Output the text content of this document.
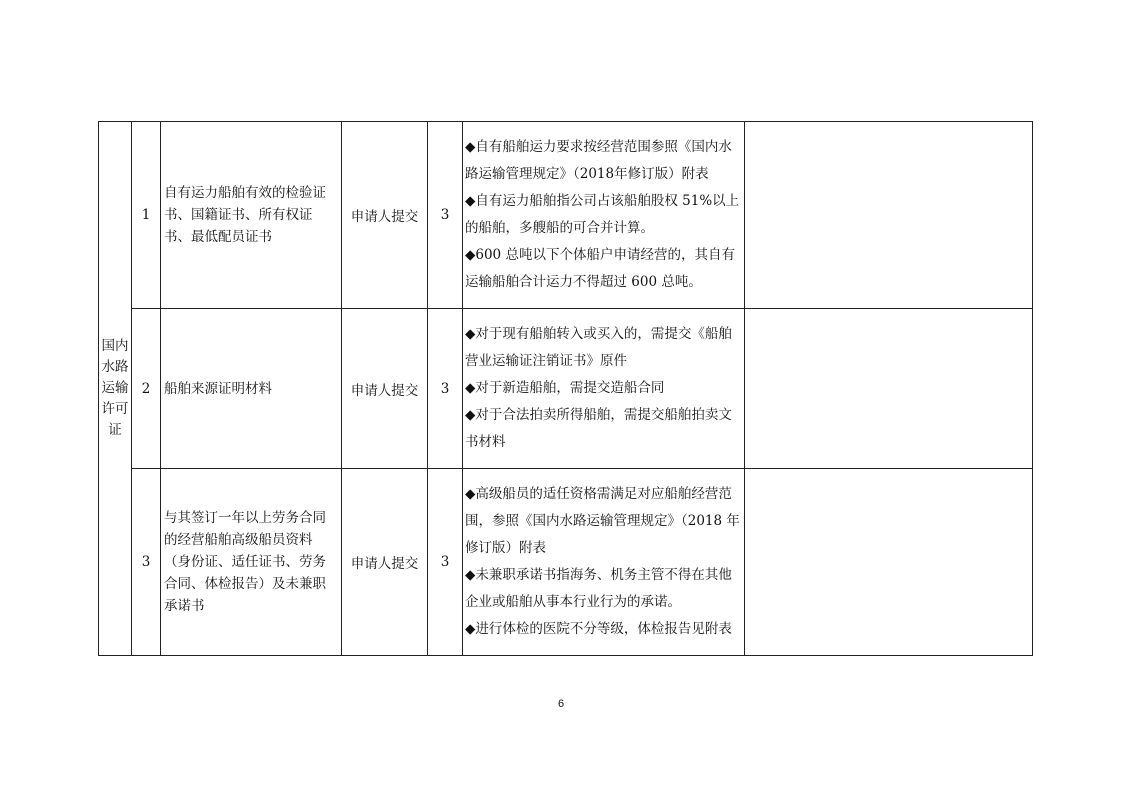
国内水路运输许可证	1	自有运力船舶有效的检验证书、国籍证书、所有权证书、最低配员证书	申请人提交	3	◆自有船舶运力要求按经营范围参照《国内水路运输管理规定》（2018年修订版）附表
◆自有运力船舶指公司占该船舶股权 51%以上的船舶，多艘船的可合并计算。
◆600 总吨以下个体船户申请经营的，其自有运输船舶合计运力不得超过 600 总吨。	

	2	船舶来源证明材料	申请人提交	3	◆对于现有船舶转入或买入的，需提交《船舶营业运输证注销证书》原件
◆对于新造船舶，需提交造船合同
◆对于合法拍卖所得船舶，需提交船舶拍卖文书材料	

	3	与其签订一年以上劳务合同的经营船舶高级船员资料（身份证、适任证书、劳务合同、体检报告）及未兼职承诺书	申请人提交	3	◆高级船员的适任资格需满足对应船舶经营范围，参照《国内水路运输管理规定》（2018 年修订版）附表
◆未兼职承诺书指海务、机务主管不得在其他企业或船舶从事本行业行为的承诺。
◆进行体检的医院不分等级，体检报告见附表	

6
